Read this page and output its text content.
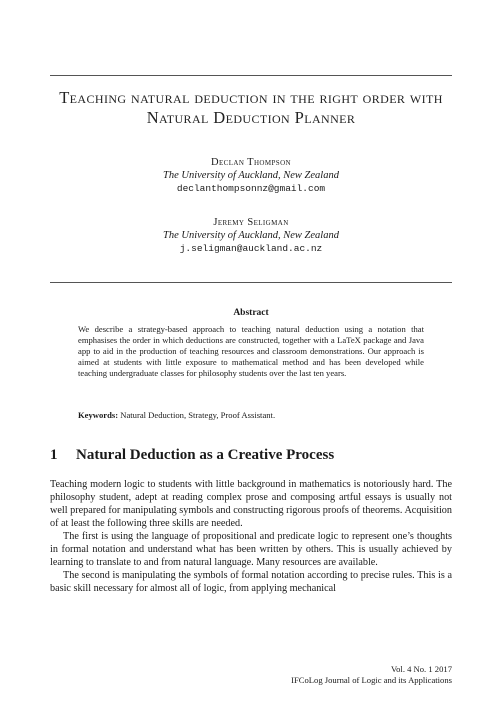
Teaching natural deduction in the right order with Natural Deduction Planner
Declan Thompson
The University of Auckland, New Zealand
declanthompsonnz@gmail.com
Jeremy Seligman
The University of Auckland, New Zealand
j.seligman@auckland.ac.nz
Abstract
We describe a strategy-based approach to teaching natural deduction using a notation that emphasises the order in which deductions are constructed, together with a LaTeX package and Java app to aid in the production of teaching resources and classroom demonstrations. Our approach is aimed at students with little exposure to mathematical method and has been developed while teaching undergraduate classes for philosophy students over the last ten years.
Keywords: Natural Deduction, Strategy, Proof Assistant.
1 Natural Deduction as a Creative Process

Teaching modern logic to students with little background in mathematics is notoriously hard. The philosophy student, adept at reading complex prose and composing artful essays is usually not well prepared for manipulating symbols and constructing rigorous proofs of theorems. Acquisition of at least the following three skills are needed.

The first is using the language of propositional and predicate logic to represent one’s thoughts in formal notation and understand what has been written by others. This is usually achieved by learning to translate to and from natural language. Many resources are available.

The second is manipulating the symbols of formal notation according to precise rules. This is a basic skill necessary for almost all of logic, from applying mechanical

Vol. 4 No. 1 2017
IFCoLog Journal of Logic and its Applications
